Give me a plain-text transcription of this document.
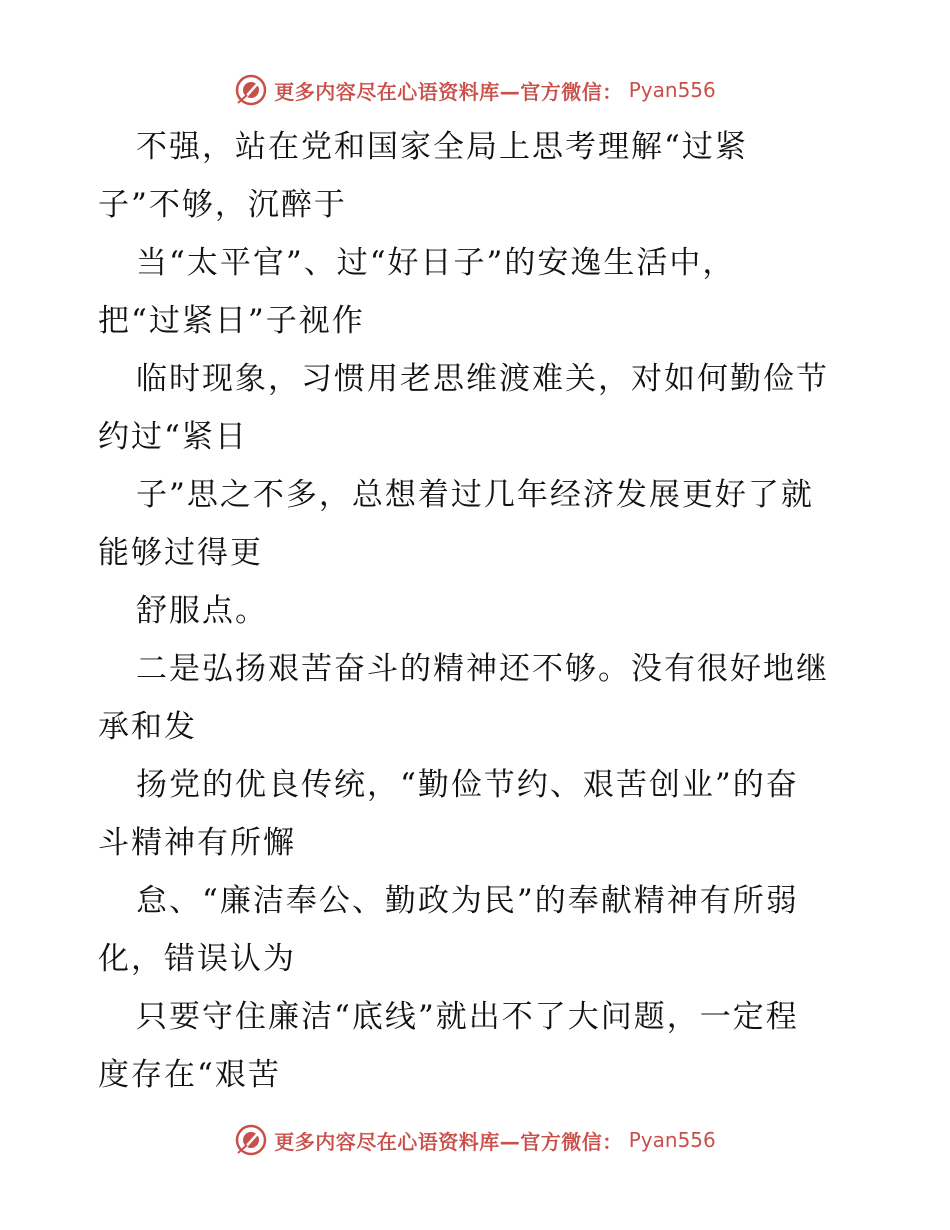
更多内容尽在心语资料库—官方微信： Pyan556
不强，站在党和国家全局上思考理解“过紧
子”不够，沉醉于
当“太平官”、过“好日子”的安逸生活中，
把“过紧日”子视作
临时现象，习惯用老思维渡难关，对如何勤俭节
约过“紧日
子”思之不多，总想着过几年经济发展更好了就
能够过得更
舒服点。
二是弘扬艰苦奋斗的精神还不够。没有很好地继
承和发
扬党的优良传统，“勤俭节约、艰苦创业”的奋
斗精神有所懈
怠、“廉洁奉公、勤政为民”的奉献精神有所弱
化，错误认为
只要守住廉洁“底线”就出不了大问题，一定程
度存在“艰苦
更多内容尽在心语资料库—官方微信： Pyan556
